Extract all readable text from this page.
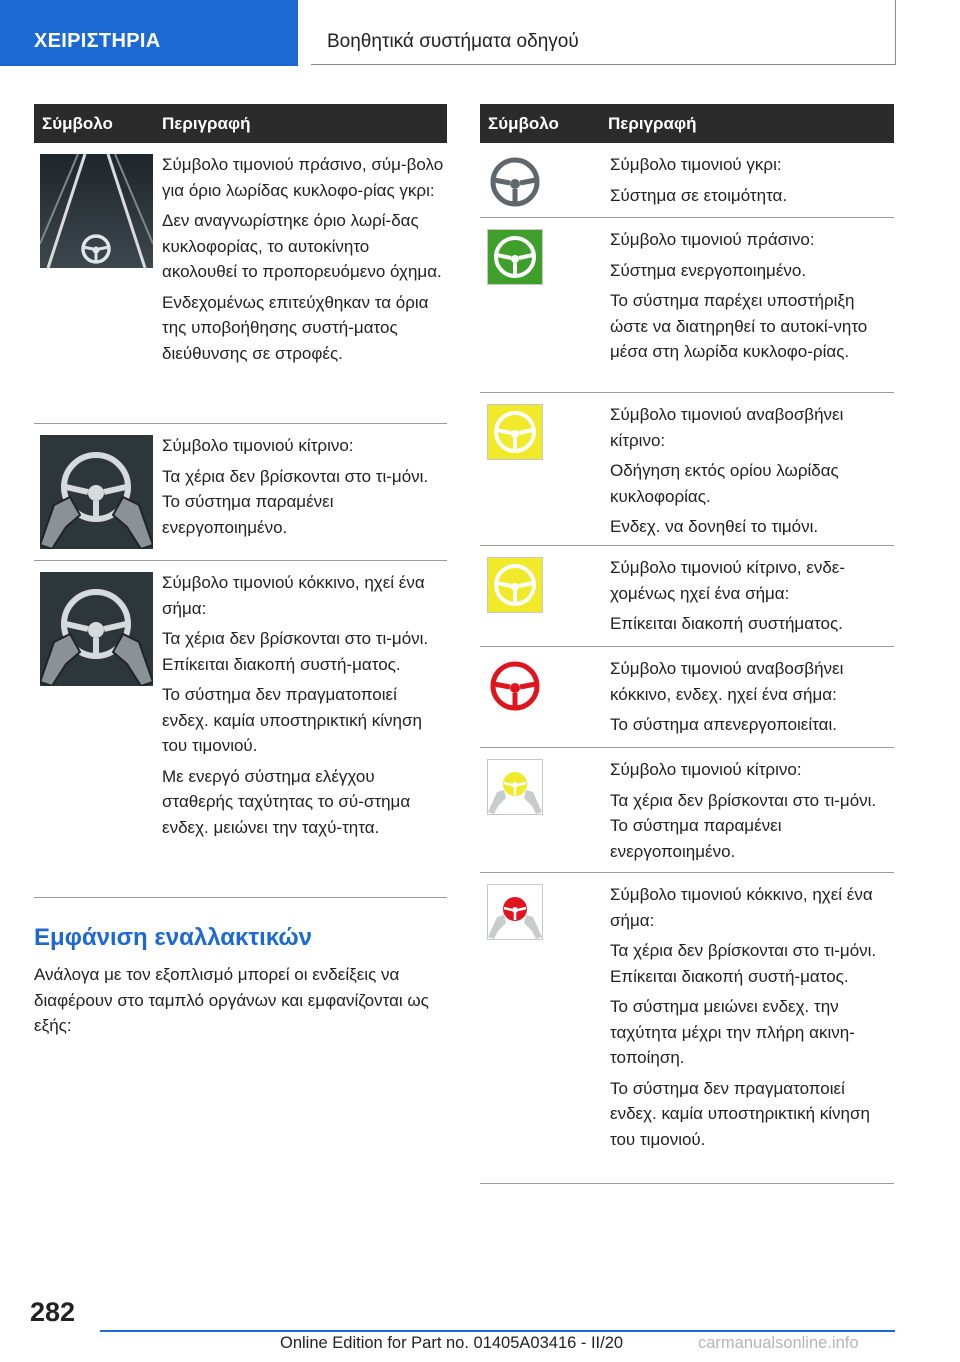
ΧΕΙΡΙΣΤΗΡΙΑ	Βοηθητικά συστήματα οδηγού
Σύμβολο	Περιγραφή

Σύμβολο τιμονιού πράσινο, σύμ-βολο για όριο λωρίδας κυκλοφο-ρίας γκρι:

Δεν αναγνωρίστηκε όριο λωρί-δας κυκλοφορίας, το αυτοκίνητο ακολουθεί το προπορευόμενο όχημα.

Ενδεχομένως επιτεύχθηκαν τα όρια της υποβοήθησης συστή-ματος διεύθυνσης σε στροφές.

Σύμβολο τιμονιού κίτρινο:

Τα χέρια δεν βρίσκονται στο τι-μόνι. Το σύστημα παραμένει ενεργοποιημένο.

Σύμβολο τιμονιού κόκκινο, ηχεί ένα σήμα:

Τα χέρια δεν βρίσκονται στο τι-μόνι. Επίκειται διακοπή συστή-ματος.

Το σύστημα δεν πραγματοποιεί ενδεχ. καμία υποστηρικτική κίνηση του τιμονιού.

Με ενεργό σύστημα ελέγχου σταθερής ταχύτητας το σύ-στημα ενδεχ. μειώνει την ταχύ-τητα.

Εμφάνιση εναλλακτικών
Ανάλογα με τον εξοπλισμό μπορεί οι ενδείξεις να διαφέρουν στο ταμπλό οργάνων και εμφανίζονται ως εξής:
Σύμβολο	Περιγραφή

Σύμβολο τιμονιού γκρι:

Σύστημα σε ετοιμότητα.

Σύμβολο τιμονιού πράσινο:

Σύστημα ενεργοποιημένο.

Το σύστημα παρέχει υποστήριξη ώστε να διατηρηθεί το αυτοκί-νητο μέσα στη λωρίδα κυκλοφο-ρίας.

Σύμβολο τιμονιού αναβοσβήνει κίτρινο:

Οδήγηση εκτός ορίου λωρίδας κυκλοφορίας.

Ενδεχ. να δονηθεί το τιμόνι.

Σύμβολο τιμονιού κίτρινο, ενδε-χομένως ηχεί ένα σήμα:

Επίκειται διακοπή συστήματος.

Σύμβολο τιμονιού αναβοσβήνει κόκκινο, ενδεχ. ηχεί ένα σήμα:

Το σύστημα απενεργοποιείται.

Σύμβολο τιμονιού κίτρινο:

Τα χέρια δεν βρίσκονται στο τι-μόνι. Το σύστημα παραμένει ενεργοποιημένο.

Σύμβολο τιμονιού κόκκινο, ηχεί ένα σήμα:

Τα χέρια δεν βρίσκονται στο τι-μόνι. Επίκειται διακοπή συστή-ματος.

Το σύστημα μειώνει ενδεχ. την ταχύτητα μέχρι την πλήρη ακινη-τοποίηση.

Το σύστημα δεν πραγματοποιεί ενδεχ. καμία υποστηρικτική κίνηση του τιμονιού.

282
Online Edition for Part no. 01405A03416 - II/20	carmanualsonline.info
